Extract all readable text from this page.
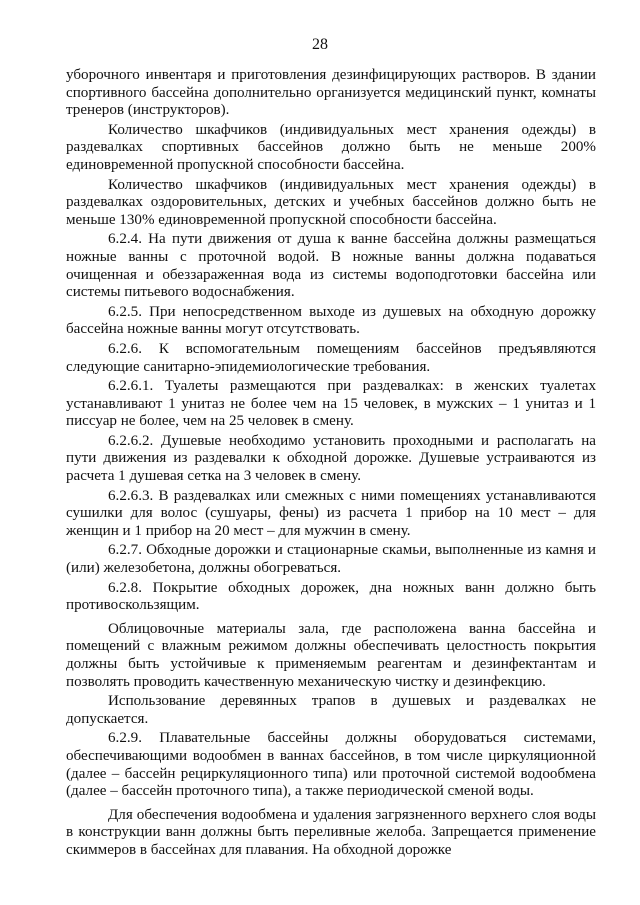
28

уборочного инвентаря и приготовления дезинфицирующих растворов. В здании спортивного бассейна дополнительно организуется медицинский пункт, комнаты тренеров (инструкторов).

Количество шкафчиков (индивидуальных мест хранения одежды) в раздевалках спортивных бассейнов должно быть не меньше 200% единовременной пропускной способности бассейна.

Количество шкафчиков (индивидуальных мест хранения одежды) в раздевалках оздоровительных, детских и учебных бассейнов должно быть не меньше 130% единовременной пропускной способности бассейна.

6.2.4. На пути движения от душа к ванне бассейна должны размещаться ножные ванны с проточной водой. В ножные ванны должна подаваться очищенная и обеззараженная вода из системы водоподготовки бассейна или системы питьевого водоснабжения.

6.2.5. При непосредственном выходе из душевых на обходную дорожку бассейна ножные ванны могут отсутствовать.

6.2.6. К вспомогательным помещениям бассейнов предъявляются следующие санитарно-эпидемиологические требования.

6.2.6.1. Туалеты размещаются при раздевалках: в женских туалетах устанавливают 1 унитаз не более чем на 15 человек, в мужских – 1 унитаз и 1 писсуар не более, чем на 25 человек в смену.

6.2.6.2. Душевые необходимо установить проходными и располагать на пути движения из раздевалки к обходной дорожке. Душевые устраиваются из расчета 1 душевая сетка на 3 человек в смену.

6.2.6.3. В раздевалках или смежных с ними помещениях устанавливаются сушилки для волос (сушуары, фены) из расчета 1 прибор на 10 мест – для женщин и 1 прибор на 20 мест – для мужчин в смену.

6.2.7. Обходные дорожки и стационарные скамьи, выполненные из камня и (или) железобетона, должны обогреваться.

6.2.8. Покрытие обходных дорожек, дна ножных ванн должно быть противоскользящим.

Облицовочные материалы зала, где расположена ванна бассейна и помещений с влажным режимом должны обеспечивать целостность покрытия должны быть устойчивые к применяемым реагентам и дезинфектантам и позволять проводить качественную механическую чистку и дезинфекцию.

Использование деревянных трапов в душевых и раздевалках не допускается.

6.2.9. Плавательные бассейны должны оборудоваться системами, обеспечивающими водообмен в ваннах бассейнов, в том числе циркуляционной (далее – бассейн рециркуляционного типа) или проточной системой водообмена (далее – бассейн проточного типа), а также периодической сменой воды.

Для обеспечения водообмена и удаления загрязненного верхнего слоя воды в конструкции ванн должны быть переливные желоба. Запрещается применение скиммеров в бассейнах для плавания. На обходной дорожке
